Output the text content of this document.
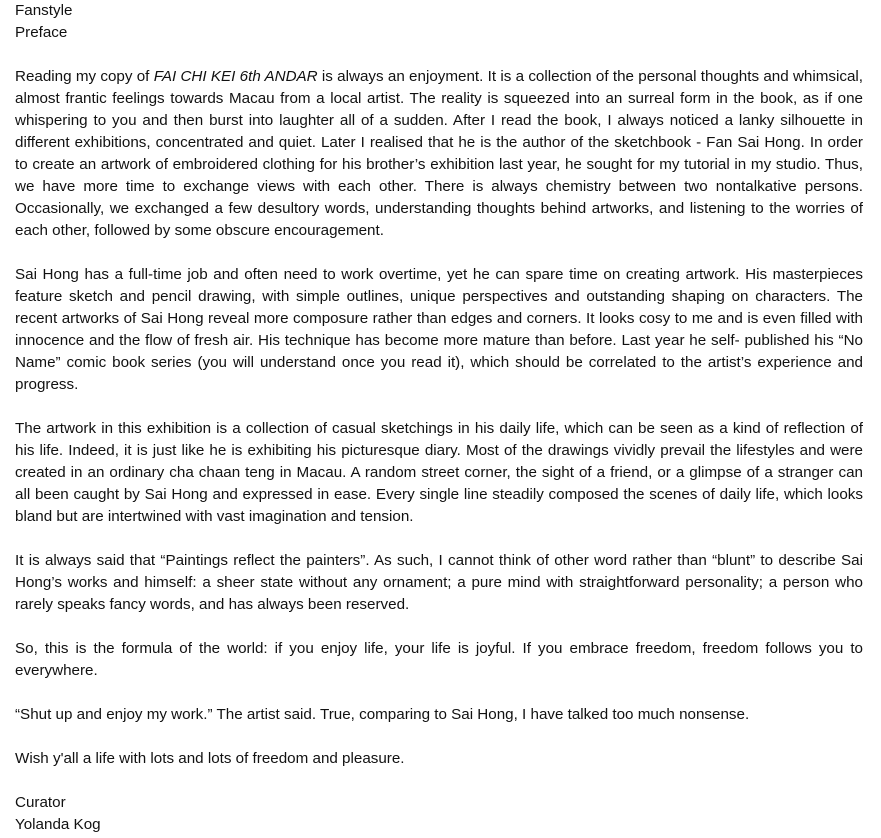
Fanstyle

Preface

Reading my copy of FAI CHI KEI 6th ANDAR is always an enjoyment. It is a collection of the personal thoughts and whimsical, almost frantic feelings towards Macau from a local artist. The reality is squeezed into an surreal form in the book, as if one whispering to you and then burst into laughter all of a sudden. After I read the book, I always noticed a lanky silhouette in different exhibitions, concentrated and quiet. Later I realised that he is the author of the sketchbook - Fan Sai Hong. In order to create an artwork of embroidered clothing for his brother’s exhibition last year, he sought for my tutorial in my studio. Thus, we have more time to exchange views with each other. There is always chemistry between two nontalkative persons. Occasionally, we exchanged a few desultory words, understanding thoughts behind artworks, and listening to the worries of each other, followed by some obscure encouragement.

Sai Hong has a full-time job and often need to work overtime, yet he can spare time on creating artwork. His masterpieces feature sketch and pencil drawing, with simple outlines, unique perspectives and outstanding shaping on characters. The recent artworks of Sai Hong reveal more composure rather than edges and corners. It looks cosy to me and is even filled with innocence and the flow of fresh air. His technique has become more mature than before. Last year he self- published his “No Name” comic book series (you will understand once you read it), which should be correlated to the artist’s experience and progress.

The artwork in this exhibition is a collection of casual sketchings in his daily life, which can be seen as a kind of reflection of his life. Indeed, it is just like he is exhibiting his picturesque diary. Most of the drawings vividly prevail the lifestyles and were created in an ordinary cha chaan teng in Macau. A random street corner, the sight of a friend, or a glimpse of a stranger can all been caught by Sai Hong and expressed in ease. Every single line steadily composed the scenes of daily life, which looks bland but are intertwined with vast imagination and tension.

It is always said that “Paintings reflect the painters”. As such, I cannot think of other word rather than “blunt” to describe Sai Hong’s works and himself: a sheer state without any ornament; a pure mind with straightforward personality; a person who rarely speaks fancy words, and has always been reserved.

So, this is the formula of the world: if you enjoy life, your life is joyful. If you embrace freedom, freedom follows you to everywhere.

“Shut up and enjoy my work.” The artist said. True, comparing to Sai Hong, I have talked too much nonsense.

Wish y'all a life with lots and lots of freedom and pleasure.

Curator

Yolanda Kog
